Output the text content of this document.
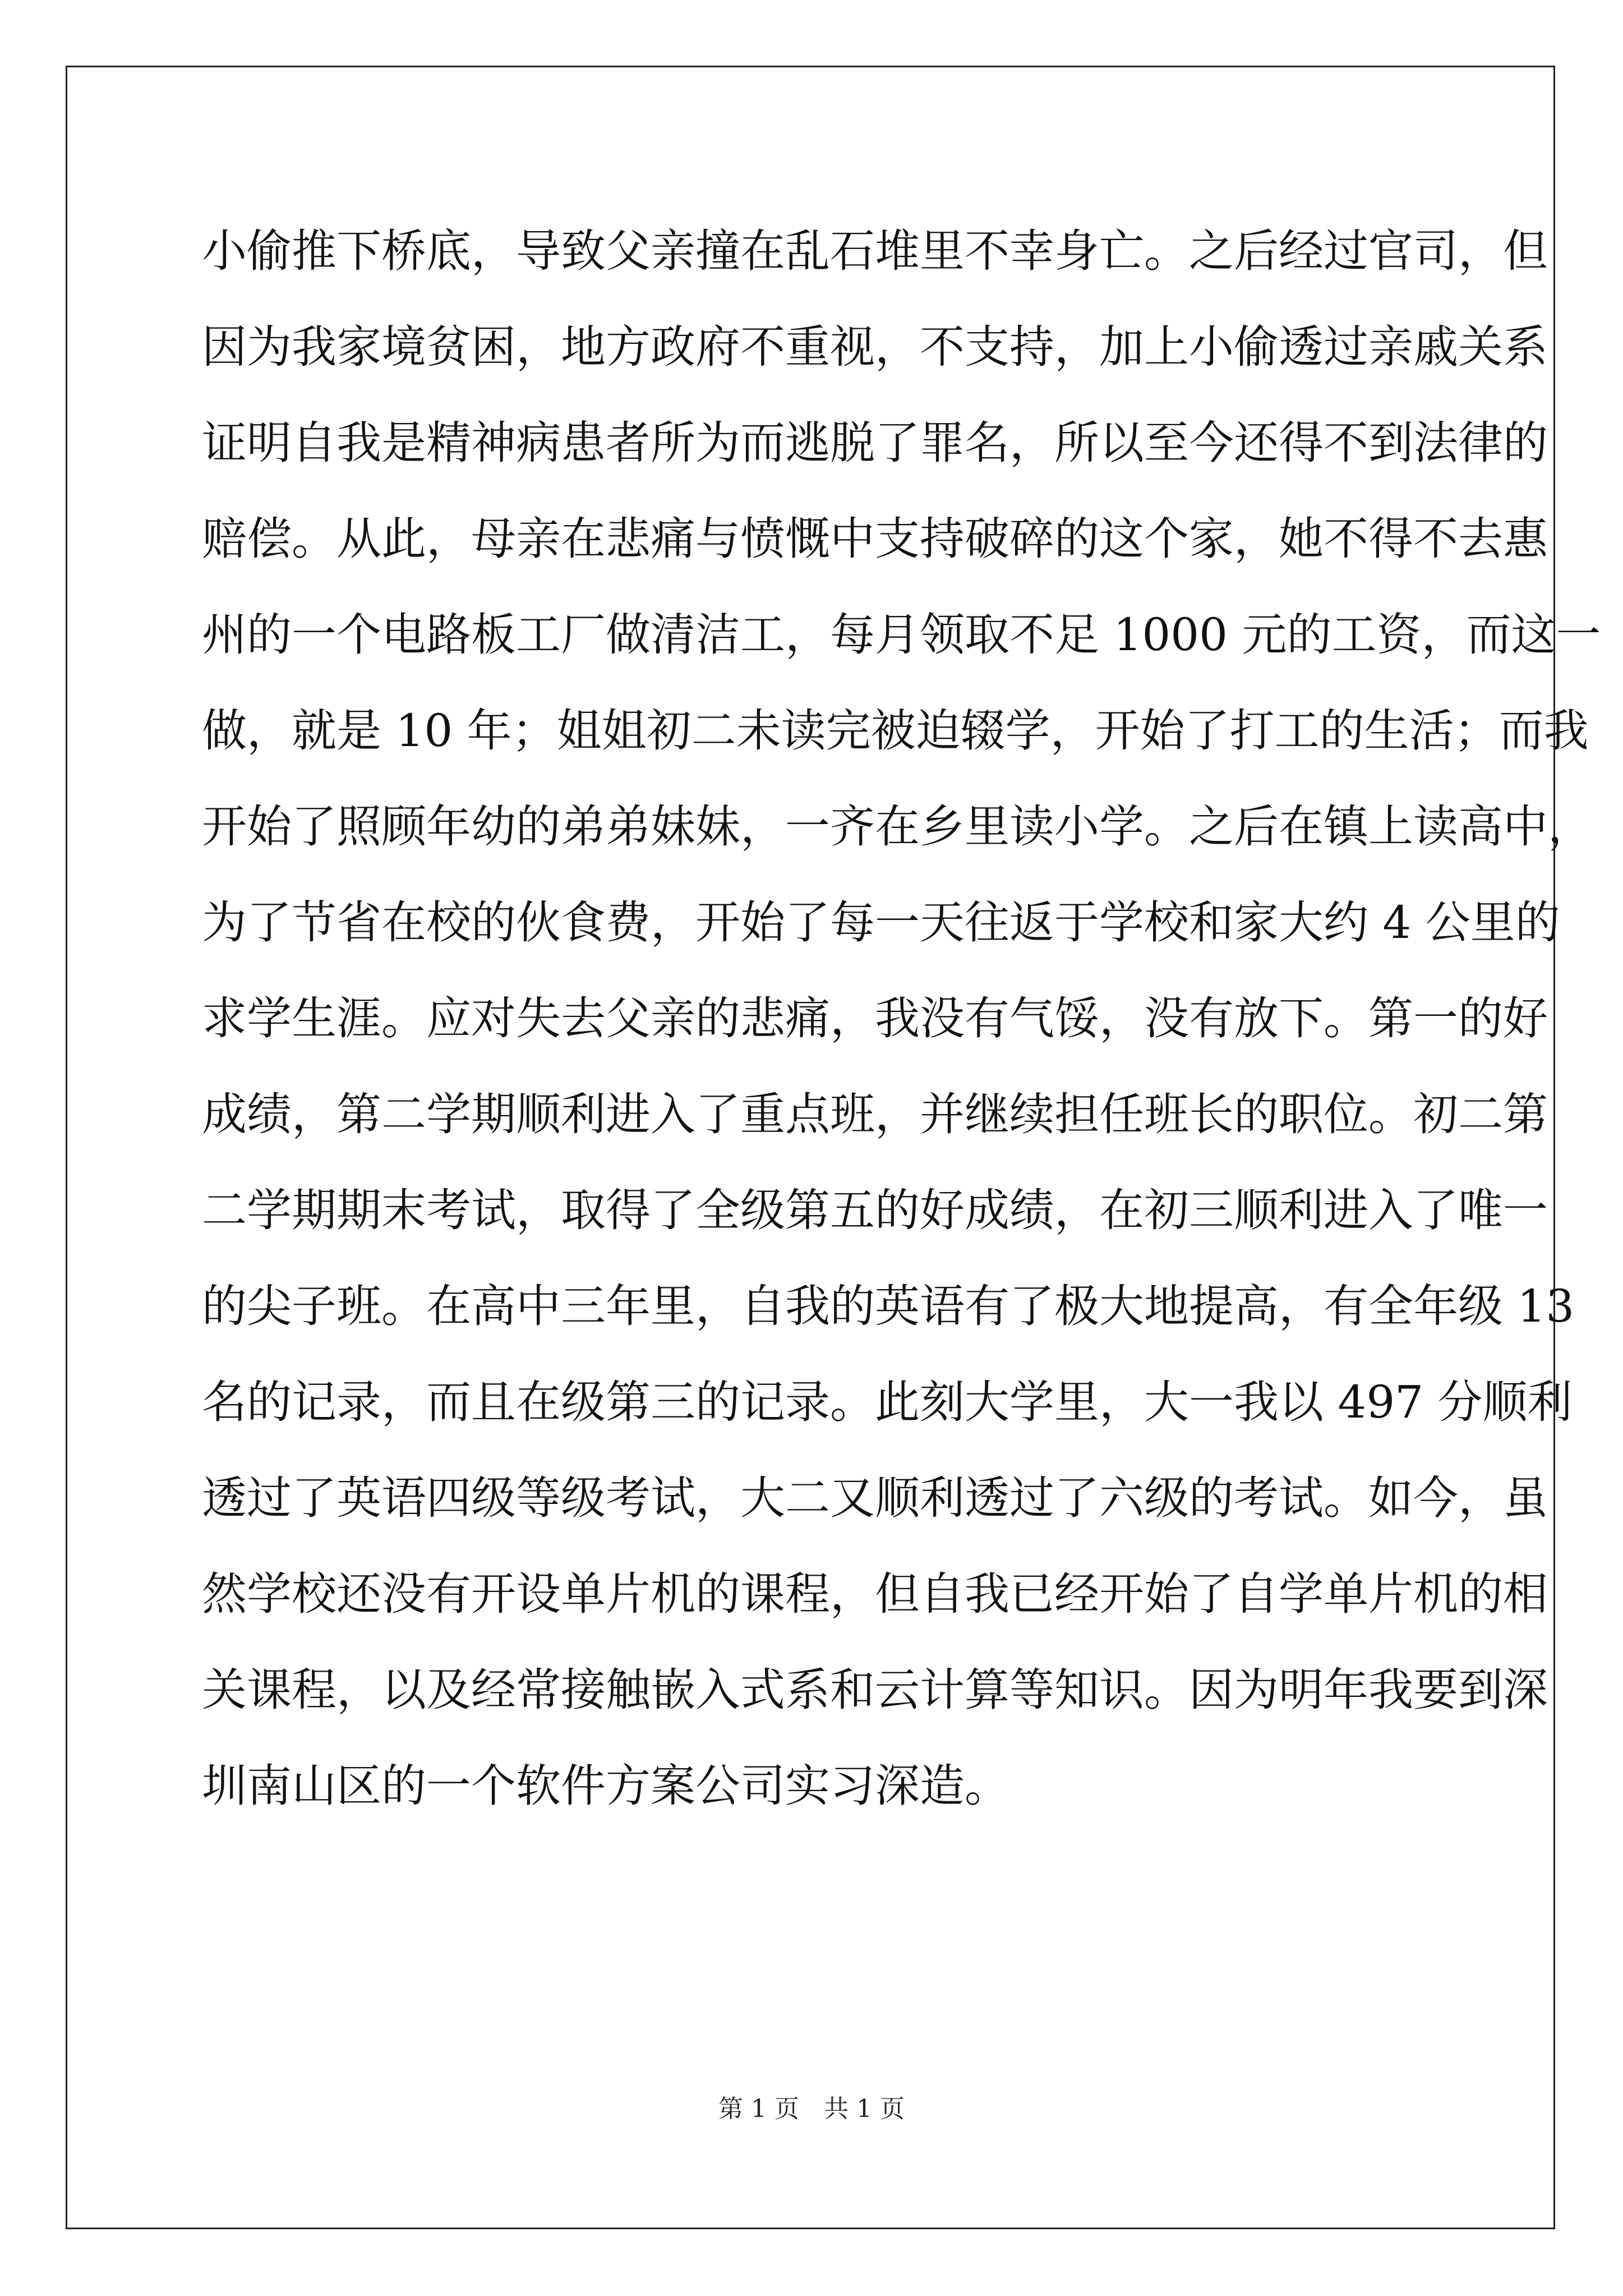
小偷推下桥底，导致父亲撞在乱石堆里不幸身亡。之后经过官司，但
因为我家境贫困，地方政府不重视，不支持，加上小偷透过亲戚关系
证明自我是精神病患者所为而逃脱了罪名，所以至今还得不到法律的
赔偿。从此，母亲在悲痛与愤慨中支持破碎的这个家，她不得不去惠
州的一个电路板工厂做清洁工，每月领取不足 1000 元的工资，而这一
做，就是 10 年；姐姐初二未读完被迫辍学，开始了打工的生活；而我
开始了照顾年幼的弟弟妹妹，一齐在乡里读小学。之后在镇上读高中，
为了节省在校的伙食费，开始了每一天往返于学校和家大约 4 公里的
求学生涯。应对失去父亲的悲痛，我没有气馁，没有放下。第一的好
成绩，第二学期顺利进入了重点班，并继续担任班长的职位。初二第
二学期期末考试，取得了全级第五的好成绩，在初三顺利进入了唯一
的尖子班。在高中三年里，自我的英语有了极大地提高，有全年级 13
名的记录，而且在级第三的记录。此刻大学里，大一我以 497 分顺利
透过了英语四级等级考试，大二又顺利透过了六级的考试。如今，虽
然学校还没有开设单片机的课程，但自我已经开始了自学单片机的相
关课程，以及经常接触嵌入式系和云计算等知识。因为明年我要到深
圳南山区的一个软件方案公司实习深造。
第 1 页　共 1 页
